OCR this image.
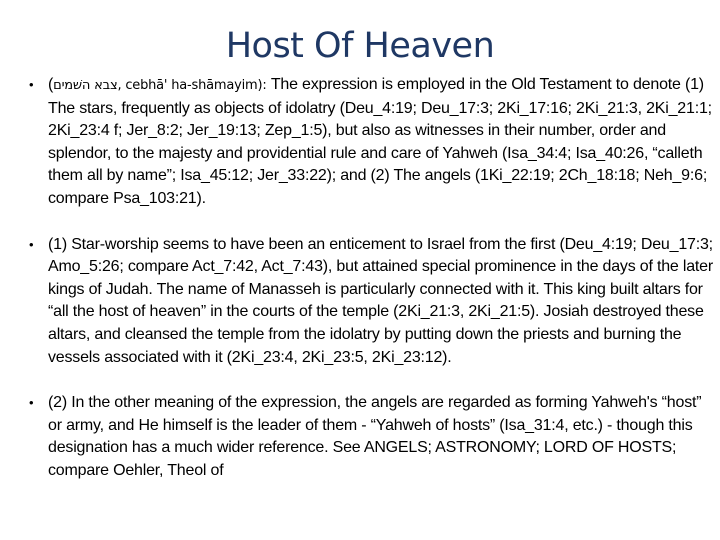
Host Of Heaven
• (צבא השׁמים, cebhā' ha-shāmayim): The expression is employed in the Old Testament to denote (1) The stars, frequently as objects of idolatry (Deu_4:19; Deu_17:3; 2Ki_17:16; 2Ki_21:3, 2Ki_21:1; 2Ki_23:4 f; Jer_8:2; Jer_19:13; Zep_1:5), but also as witnesses in their number, order and splendor, to the majesty and providential rule and care of Yahweh (Isa_34:4; Isa_40:26, “calleth them all by name”; Isa_45:12; Jer_33:22); and (2) The angels (1Ki_22:19; 2Ch_18:18; Neh_9:6; compare Psa_103:21).
• (1) Star-worship seems to have been an enticement to Israel from the first (Deu_4:19; Deu_17:3; Amo_5:26; compare Act_7:42, Act_7:43), but attained special prominence in the days of the later kings of Judah. The name of Manasseh is particularly connected with it. This king built altars for “all the host of heaven” in the courts of the temple (2Ki_21:3, 2Ki_21:5). Josiah destroyed these altars, and cleansed the temple from the idolatry by putting down the priests and burning the vessels associated with it (2Ki_23:4, 2Ki_23:5, 2Ki_23:12).
• (2) In the other meaning of the expression, the angels are regarded as forming Yahweh's “host” or army, and He himself is the leader of them - “Yahweh of hosts” (Isa_31:4, etc.) - though this designation has a much wider reference. See ANGELS; ASTRONOMY; LORD OF HOSTS; compare Oehler, Theol of
